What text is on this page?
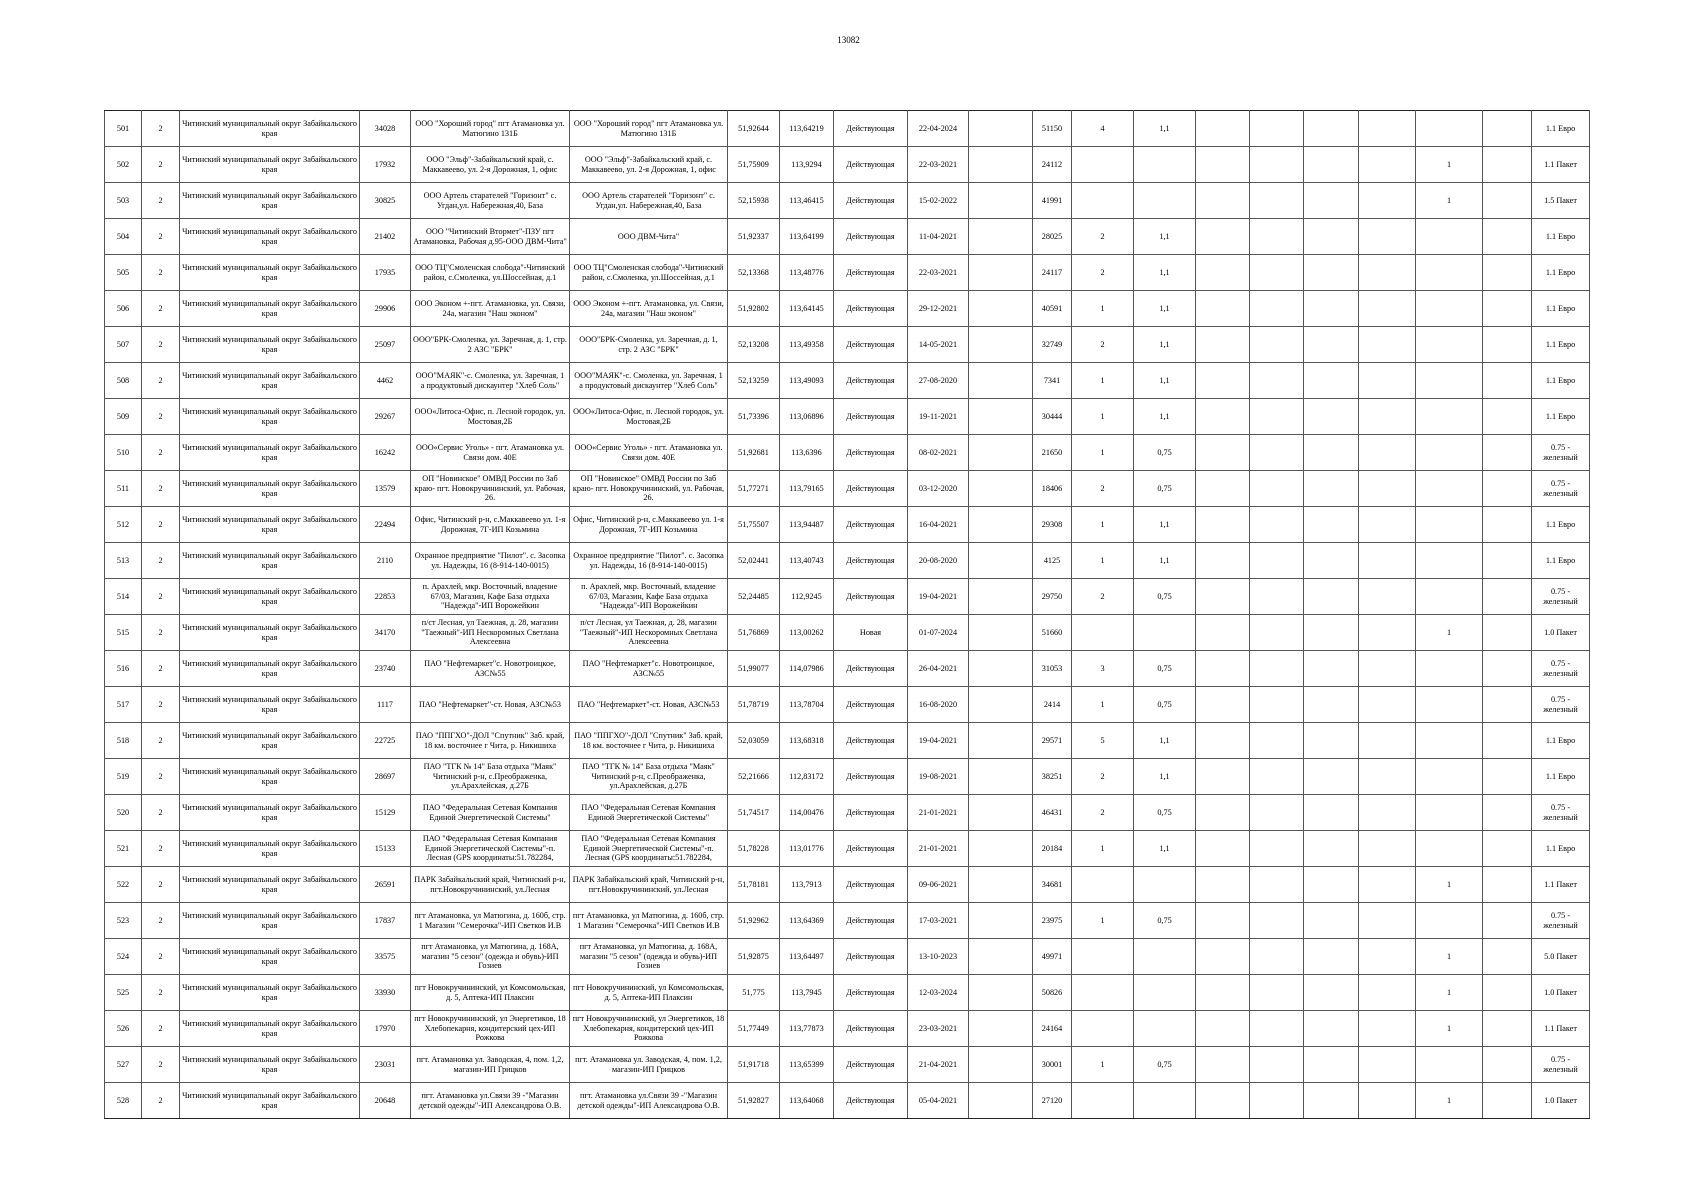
13082
501	2	Читинский муниципальный округ Забайкальского края	34028	ООО "Хороший город" пгт Атамановка ул. Матюгино 131Б	ООО "Хороший город" пгт Атамановка ул. Матюгино 131Б	51,92644	113,64219	Действующая	22-04-2024		51150	4	1,1							1.1 Евро

502	2	Читинский муниципальный округ Забайкальского края	17932	ООО "Эльф"-Забайкальский край, с. Маккавеево, ул. 2-я Дорожная, 1, офис	ООО "Эльф"-Забайкальский край, с. Маккавеево, ул. 2-я Дорожная, 1, офис	51,75909	113,9294	Действующая	22-03-2021		24112							1		1.1 Пакет

503	2	Читинский муниципальный округ Забайкальского края	30825	ООО Артель старателей "Горизонт" с. Угдан,ул. Набережная,40, База	ООО Артель старателей "Горизонт" с. Угдан,ул. Набережная,40, База	52,15938	113,46415	Действующая	15-02-2022		41991							1		1.5 Пакет

504	2	Читинский муниципальный округ Забайкальского края	21402	ООО "Читинский Втормет"-ПЗУ пгт Атамановка, Рабочая д.95-ООО ДВМ-Чита"	ООО ДВМ-Чита"	51,92337	113,64199	Действующая	11-04-2021		28025	2	1,1							1.1 Евро

505	2	Читинский муниципальный округ Забайкальского края	17935	ООО ТЦ"Смоленская слобода"-Читинский район, с.Смоленка, ул.Шоссейная, д.1	ООО ТЦ"Смоленская слобода"-Читинский район, с.Смоленка, ул.Шоссейная, д.1	52,13368	113,48776	Действующая	22-03-2021		24117	2	1,1							1.1 Евро

506	2	Читинский муниципальный округ Забайкальского края	29906	ООО Эконом +-пгт. Атамановка, ул. Связи, 24а, магазин "Наш эконом"	ООО Эконом +-пгт. Атамановка, ул. Связи, 24а, магазин "Наш эконом"	51,92802	113,64145	Действующая	29-12-2021		40591	1	1,1							1.1 Евро

507	2	Читинский муниципальный округ Забайкальского края	25097	ООО"БРК-Смоленка, ул. Заречная, д. 1, стр. 2 АЗС "БРК"	ООО"БРК-Смоленка, ул. Заречная, д. 1, стр. 2 АЗС "БРК"	52,13208	113,49358	Действующая	14-05-2021		32749	2	1,1							1.1 Евро

508	2	Читинский муниципальный округ Забайкальского края	4462	ООО"МАЯК"-с. Смоленка, ул. Заречная, 1 а продуктовый дискаунтер "Хлеб Соль"	ООО"МАЯК"-с. Смоленка, ул. Заречная, 1 а продуктовый дискаунтер "Хлеб Соль"	52,13259	113,49093	Действующая	27-08-2020		7341	1	1,1							1.1 Евро

509	2	Читинский муниципальный округ Забайкальского края	29267	ООО«Литоса-Офис, п. Лесной городок, ул. Мостовая,2Б	ООО«Литоса-Офис, п. Лесной городок, ул. Мостовая,2Б	51,73396	113,06896	Действующая	19-11-2021		30444	1	1,1							1.1 Евро

510	2	Читинский муниципальный округ Забайкальского края	16242	ООО«Сервис Уголь» - пгт. Атамановка ул. Связи дом. 40Е	ООО«Сервис Уголь» - пгт. Атамановка ул. Связи дом. 40Е	51,92681	113,6396	Действующая	08-02-2021		21650	1	0,75							0.75 - железный

511	2	Читинский муниципальный округ Забайкальского края	13579	ОП "Новинское" ОМВД России по Заб краю- пгт. Новокручининский, ул. Рабочая, 26.	ОП "Новинское" ОМВД России по Заб краю- пгт. Новокручининский, ул. Рабочая, 26.	51,77271	113,79165	Действующая	03-12-2020		18406	2	0,75							0.75 - железный

512	2	Читинский муниципальный округ Забайкальского края	22494	Офис, Читинский р-н, с.Маккавеево ул. 1-я Дорожная, 7Г-ИП Козьмина	Офис, Читинский р-н, с.Маккавеево ул. 1-я Дорожная, 7Г-ИП Козьмина	51,75507	113,94487	Действующая	16-04-2021		29308	1	1,1							1.1 Евро

513	2	Читинский муниципальный округ Забайкальского края	2110	Охранное предприятие "Пилот". с. Засопка ул. Надежды, 16 (8-914-140-0015)	Охранное предприятие "Пилот". с. Засопка ул. Надежды, 16 (8-914-140-0015)	52,02441	113,40743	Действующая	20-08-2020		4125	1	1,1							1.1 Евро

514	2	Читинский муниципальный округ Забайкальского края	22853	п. Арахлей, мкр. Восточный, владение 67/03, Магазин, Кафе База отдыха "Надежда"-ИП Ворожейкин	п. Арахлей, мкр. Восточный, владение 67/03, Магазин, Кафе База отдыха "Надежда"-ИП Ворожейкин	52,24485	112,9245	Действующая	19-04-2021		29750	2	0,75							0.75 - железный

515	2	Читинский муниципальный округ Забайкальского края	34170	п/ст Лесная, ул Таежная, д. 28, магазин "Таежный"-ИП Нескоромных Светлана Алексеевна	п/ст Лесная, ул Таежная, д. 28, магазин "Таежный"-ИП Нескоромных Светлана Алексеевна	51,76869	113,00262	Новая	01-07-2024		51660							1		1.0 Пакет

516	2	Читинский муниципальный округ Забайкальского края	23740	ПАО "Нефтемаркет"с. Новотроицкое, АЗС№55	ПАО "Нефтемаркет"с. Новотроицкое, АЗС№55	51,99077	114,07986	Действующая	26-04-2021		31053	3	0,75							0.75 - железный

517	2	Читинский муниципальный округ Забайкальского края	1117	ПАО "Нефтемаркет"-ст. Новая, АЗС№53	ПАО "Нефтемаркет"-ст. Новая, АЗС№53	51,78719	113,78704	Действующая	16-08-2020		2414	1	0,75							0.75 - железный

518	2	Читинский муниципальный округ Забайкальского края	22725	ПАО "ППГХО"-ДОЛ "Спутник" Заб. край, 18 км. восточнее г Чита, р. Никишиха	ПАО "ППГХО"-ДОЛ "Спутник" Заб. край, 18 км. восточнее г Чита, р. Никишиха	52,03059	113,68318	Действующая	19-04-2021		29571	5	1,1							1.1 Евро

519	2	Читинский муниципальный округ Забайкальского края	28697	ПАО "ТГК № 14" База отдыха "Маяк" Читинский р-н, с.Преображенка, ул.Арахлейская, д.27Б	ПАО "ТГК № 14" База отдыха "Маяк" Читинский р-н, с.Преображенка, ул.Арахлейская, д.27Б	52,21666	112,83172	Действующая	19-08-2021		38251	2	1,1							1.1 Евро

520	2	Читинский муниципальный округ Забайкальского края	15129	ПАО "Федеральная Сетевая Компания Единой Энергетической Системы"	ПАО "Федеральная Сетевая Компания Единой Энергетической Системы"	51,74517	114,00476	Действующая	21-01-2021		46431	2	0,75							0.75 - железный

521	2	Читинский муниципальный округ Забайкальского края	15133	ПАО "Федеральная Сетевая Компания Единой Энергетической Системы"-п. Лесная (GPS координаты:51.782284,	ПАО "Федеральная Сетевая Компания Единой Энергетической Системы"-п. Лесная (GPS координаты:51.782284,	51,78228	113,01776	Действующая	21-01-2021		20184	1	1,1							1.1 Евро

522	2	Читинский муниципальный округ Забайкальского края	26591	ПАРК Забайкальский край, Читинский р-н, пгт.Новокручининский, ул.Лесная	ПАРК Забайкальский край, Читинский р-н, пгт.Новокручининский, ул.Лесная	51,78181	113,7913	Действующая	09-06-2021		34681							1		1.1 Пакет

523	2	Читинский муниципальный округ Забайкальского края	17837	пгт Атамановка, ул Матюгина, д. 160б, стр. 1 Магазин "Семерочка"-ИП Светков И.В	пгт Атамановка, ул Матюгина, д. 160б, стр. 1 Магазин "Семерочка"-ИП Светков И.В	51,92962	113,64369	Действующая	17-03-2021		23975	1	0,75							0.75 - железный

524	2	Читинский муниципальный округ Забайкальского края	33575	пгт Атамановка, ул Матюгина, д. 168А, магазин "5 сезон" (одежда и обувь)-ИП Гозиев	пгт Атамановка, ул Матюгина, д. 168А, магазин "5 сезон" (одежда и обувь)-ИП Гозиев	51,92875	113,64497	Действующая	13-10-2023		49971							1		5.0 Пакет

525	2	Читинский муниципальный округ Забайкальского края	33930	пгт Новокручининский, ул Комсомольская, д. 5, Аптека-ИП Плаксин	пгт Новокручининский, ул Комсомольская, д. 5, Аптека-ИП Плаксин	51,775	113,7945	Действующая	12-03-2024		50826							1		1.0 Пакет

526	2	Читинский муниципальный округ Забайкальского края	17970	пгт Новокручининский, ул Энергетиков, 18 Хлебопекарня, кондитерский цех-ИП Рожкова	пгт Новокручининский, ул Энергетиков, 18 Хлебопекарня, кондитерский цех-ИП Рожкова	51,77449	113,77873	Действующая	23-03-2021		24164							1		1.1 Пакет

527	2	Читинский муниципальный округ Забайкальского края	23031	пгт. Атамановка ул. Заводская, 4, пом. 1,2, магазин-ИП Грицков	пгт. Атамановка ул. Заводская, 4, пом. 1,2, магазин-ИП Грицков	51,91718	113,65399	Действующая	21-04-2021		30001	1	0,75							0.75 - железный

528	2	Читинский муниципальный округ Забайкальского края	20648	пгт. Атамановка ул.Связи 39 -"Магазин детской одежды"-ИП Александрова О.В.	пгт. Атамановка ул.Связи 39 -"Магазин детской одежды"-ИП Александрова О.В.	51,92827	113,64068	Действующая	05-04-2021		27120							1		1.0 Пакет
